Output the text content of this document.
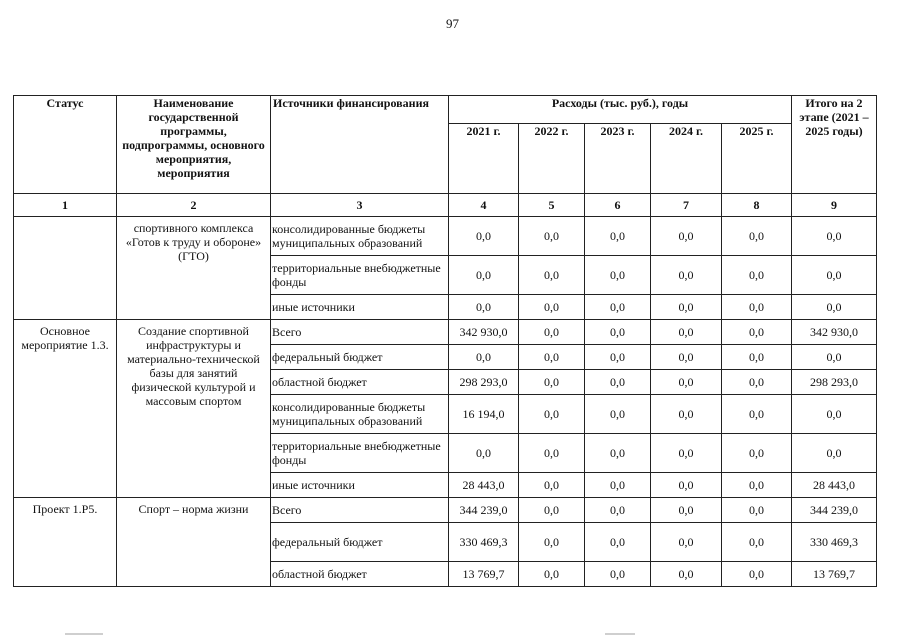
97
Статус	Наименование государственной программы, подпрограммы, основного мероприятия, мероприятия	Источники финансирования	Расходы (тыс. руб.), годы					Итого на 2 этапе (2021 – 2025 годы)
			2021 г.	2022 г.	2023 г.	2024 г.	2025 г.	
1	2	3	4	5	6	7	8	9
	спортивного комплекса «Готов к труду и обороне» (ГТО)	консолидированные бюджеты муниципальных образований	0,0	0,0	0,0	0,0	0,0	0,0
		территориальные внебюджетные фонды	0,0	0,0	0,0	0,0	0,0	0,0
		иные источники	0,0	0,0	0,0	0,0	0,0	0,0
Основное мероприятие 1.3.	Создание спортивной инфраструктуры и материально-технической базы для занятий физической культурой и массовым спортом	Всего	342 930,0	0,0	0,0	0,0	0,0	342 930,0
		федеральный бюджет	0,0	0,0	0,0	0,0	0,0	0,0
		областной бюджет	298 293,0	0,0	0,0	0,0	0,0	298 293,0
		консолидированные бюджеты муниципальных образований	16 194,0	0,0	0,0	0,0	0,0	0,0
		территориальные внебюджетные фонды	0,0	0,0	0,0	0,0	0,0	0,0
		иные источники	28 443,0	0,0	0,0	0,0	0,0	28 443,0
Проект 1.P5.	Спорт – норма жизни	Всего	344 239,0	0,0	0,0	0,0	0,0	344 239,0
		федеральный бюджет	330 469,3	0,0	0,0	0,0	0,0	330 469,3
		областной бюджет	13 769,7	0,0	0,0	0,0	0,0	13 769,7
